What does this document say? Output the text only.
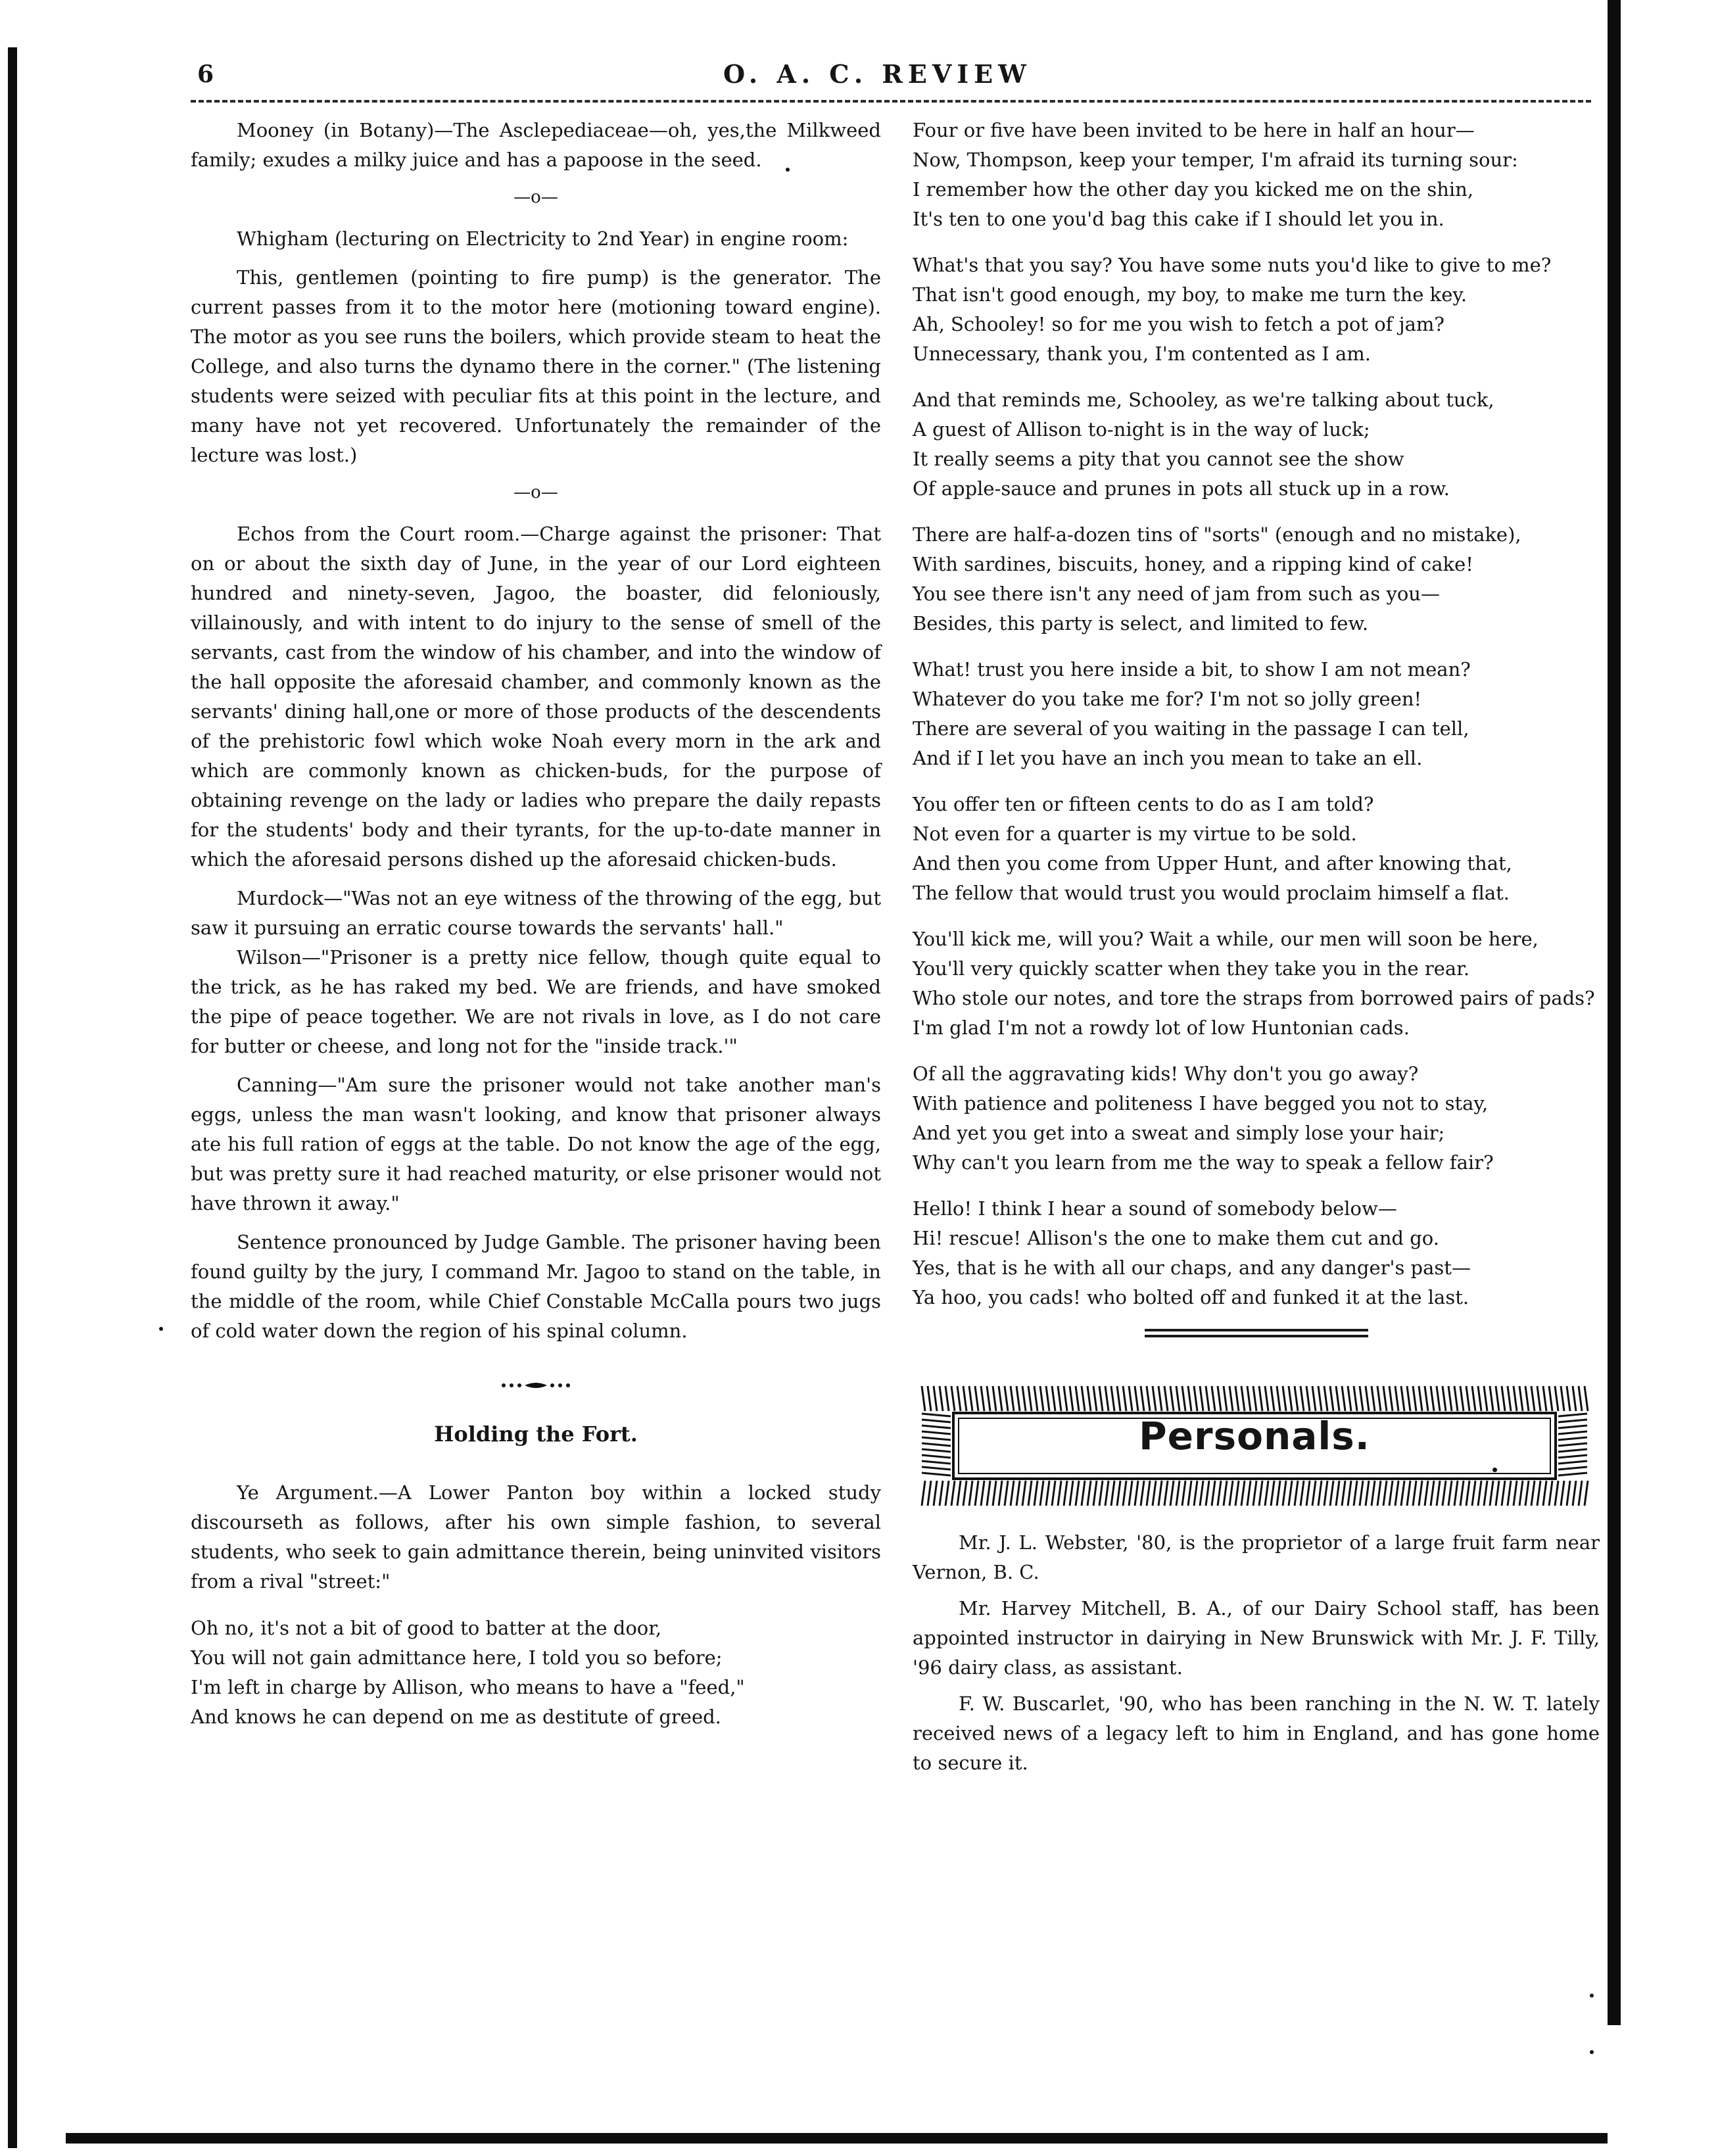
6	O. A. C. REVIEW

Mooney (in Botany)—The Asclepediaceae—oh, yes,the Milkweed family; exudes a milky juice and has a papoose in the seed.

—o—

Whigham (lecturing on Electricity to 2nd Year) in engine room:

This, gentlemen (pointing to fire pump) is the generator. The current passes from it to the motor here (motioning toward engine). The motor as you see runs the boilers, which provide steam to heat the College, and also turns the dynamo there in the corner." (The listening students were seized with peculiar fits at this point in the lecture, and many have not yet recovered. Unfortunately the remainder of the lecture was lost.)

—o—

Echos from the Court room.—Charge against the prisoner: That on or about the sixth day of June, in the year of our Lord eighteen hundred and ninety-seven, Jagoo, the boaster, did feloniously, villainously, and with intent to do injury to the sense of smell of the servants, cast from the window of his chamber, and into the window of the hall opposite the aforesaid chamber, and commonly known as the servants' dining hall,one or more of those products of the descendents of the prehistoric fowl which woke Noah every morn in the ark and which are commonly known as chicken-buds, for the purpose of obtaining revenge on the lady or ladies who prepare the daily repasts for the students' body and their tyrants, for the up-to-date manner in which the aforesaid persons dished up the aforesaid chicken-buds.

Murdock—"Was not an eye witness of the throwing of the egg, but saw it pursuing an erratic course towards the servants' hall."

Wilson—"Prisoner is a pretty nice fellow, though quite equal to the trick, as he has raked my bed. We are friends, and have smoked the pipe of peace together. We are not rivals in love, as I do not care for butter or cheese, and long not for the "inside track.'"

Canning—"Am sure the prisoner would not take another man's eggs, unless the man wasn't looking, and know that prisoner always ate his full ration of eggs at the table. Do not know the age of the egg, but was pretty sure it had reached maturity, or else prisoner would not have thrown it away."

Sentence pronounced by Judge Gamble. The prisoner having been found guilty by the jury, I command Mr. Jagoo to stand on the table, in the middle of the room, while Chief Constable McCalla pours two jugs of cold water down the region of his spinal column.

Holding the Fort.

Ye Argument.—A Lower Panton boy within a locked study discourseth as follows, after his own simple fashion, to several students, who seek to gain admittance therein, being uninvited visitors from a rival "street:"

Oh no, it's not a bit of good to batter at the door,
You will not gain admittance here, I told you so before;
I'm left in charge by Allison, who means to have a "feed,"
And knows he can depend on me as destitute of greed.
Four or five have been invited to be here in half an hour—
Now, Thompson, keep your temper, I'm afraid its turning sour:
I remember how the other day you kicked me on the shin,
It's ten to one you'd bag this cake if I should let you in.
What's that you say? You have some nuts you'd like to give to me?
That isn't good enough, my boy, to make me turn the key.
Ah, Schooley! so for me you wish to fetch a pot of jam?
Unnecessary, thank you, I'm contented as I am.
And that reminds me, Schooley, as we're talking about tuck,
A guest of Allison to-night is in the way of luck;
It really seems a pity that you cannot see the show
Of apple-sauce and prunes in pots all stuck up in a row.
There are half-a-dozen tins of "sorts" (enough and no mistake),
With sardines, biscuits, honey, and a ripping kind of cake!
You see there isn't any need of jam from such as you—
Besides, this party is select, and limited to few.
What! trust you here inside a bit, to show I am not mean?
Whatever do you take me for? I'm not so jolly green!
There are several of you waiting in the passage I can tell,
And if I let you have an inch you mean to take an ell.
You offer ten or fifteen cents to do as I am told?
Not even for a quarter is my virtue to be sold.
And then you come from Upper Hunt, and after knowing that,
The fellow that would trust you would proclaim himself a flat.
You'll kick me, will you? Wait a while, our men will soon be here,
You'll very quickly scatter when they take you in the rear.
Who stole our notes, and tore the straps from borrowed pairs of pads?
I'm glad I'm not a rowdy lot of low Huntonian cads.
Of all the aggravating kids! Why don't you go away?
With patience and politeness I have begged you not to stay,
And yet you get into a sweat and simply lose your hair;
Why can't you learn from me the way to speak a fellow fair?
Hello! I think I hear a sound of somebody below—
Hi! rescue! Allison's the one to make them cut and go.
Yes, that is he with all our chaps, and any danger's past—
Ya hoo, you cads! who bolted off and funked it at the last.
Personals.

Mr. J. L. Webster, '80, is the proprietor of a large fruit farm near Vernon, B. C.

Mr. Harvey Mitchell, B. A., of our Dairy School staff, has been appointed instructor in dairying in New Brunswick with Mr. J. F. Tilly, '96 dairy class, as assistant.

F. W. Buscarlet, '90, who has been ranching in the N. W. T. lately received news of a legacy left to him in England, and has gone home to secure it.
